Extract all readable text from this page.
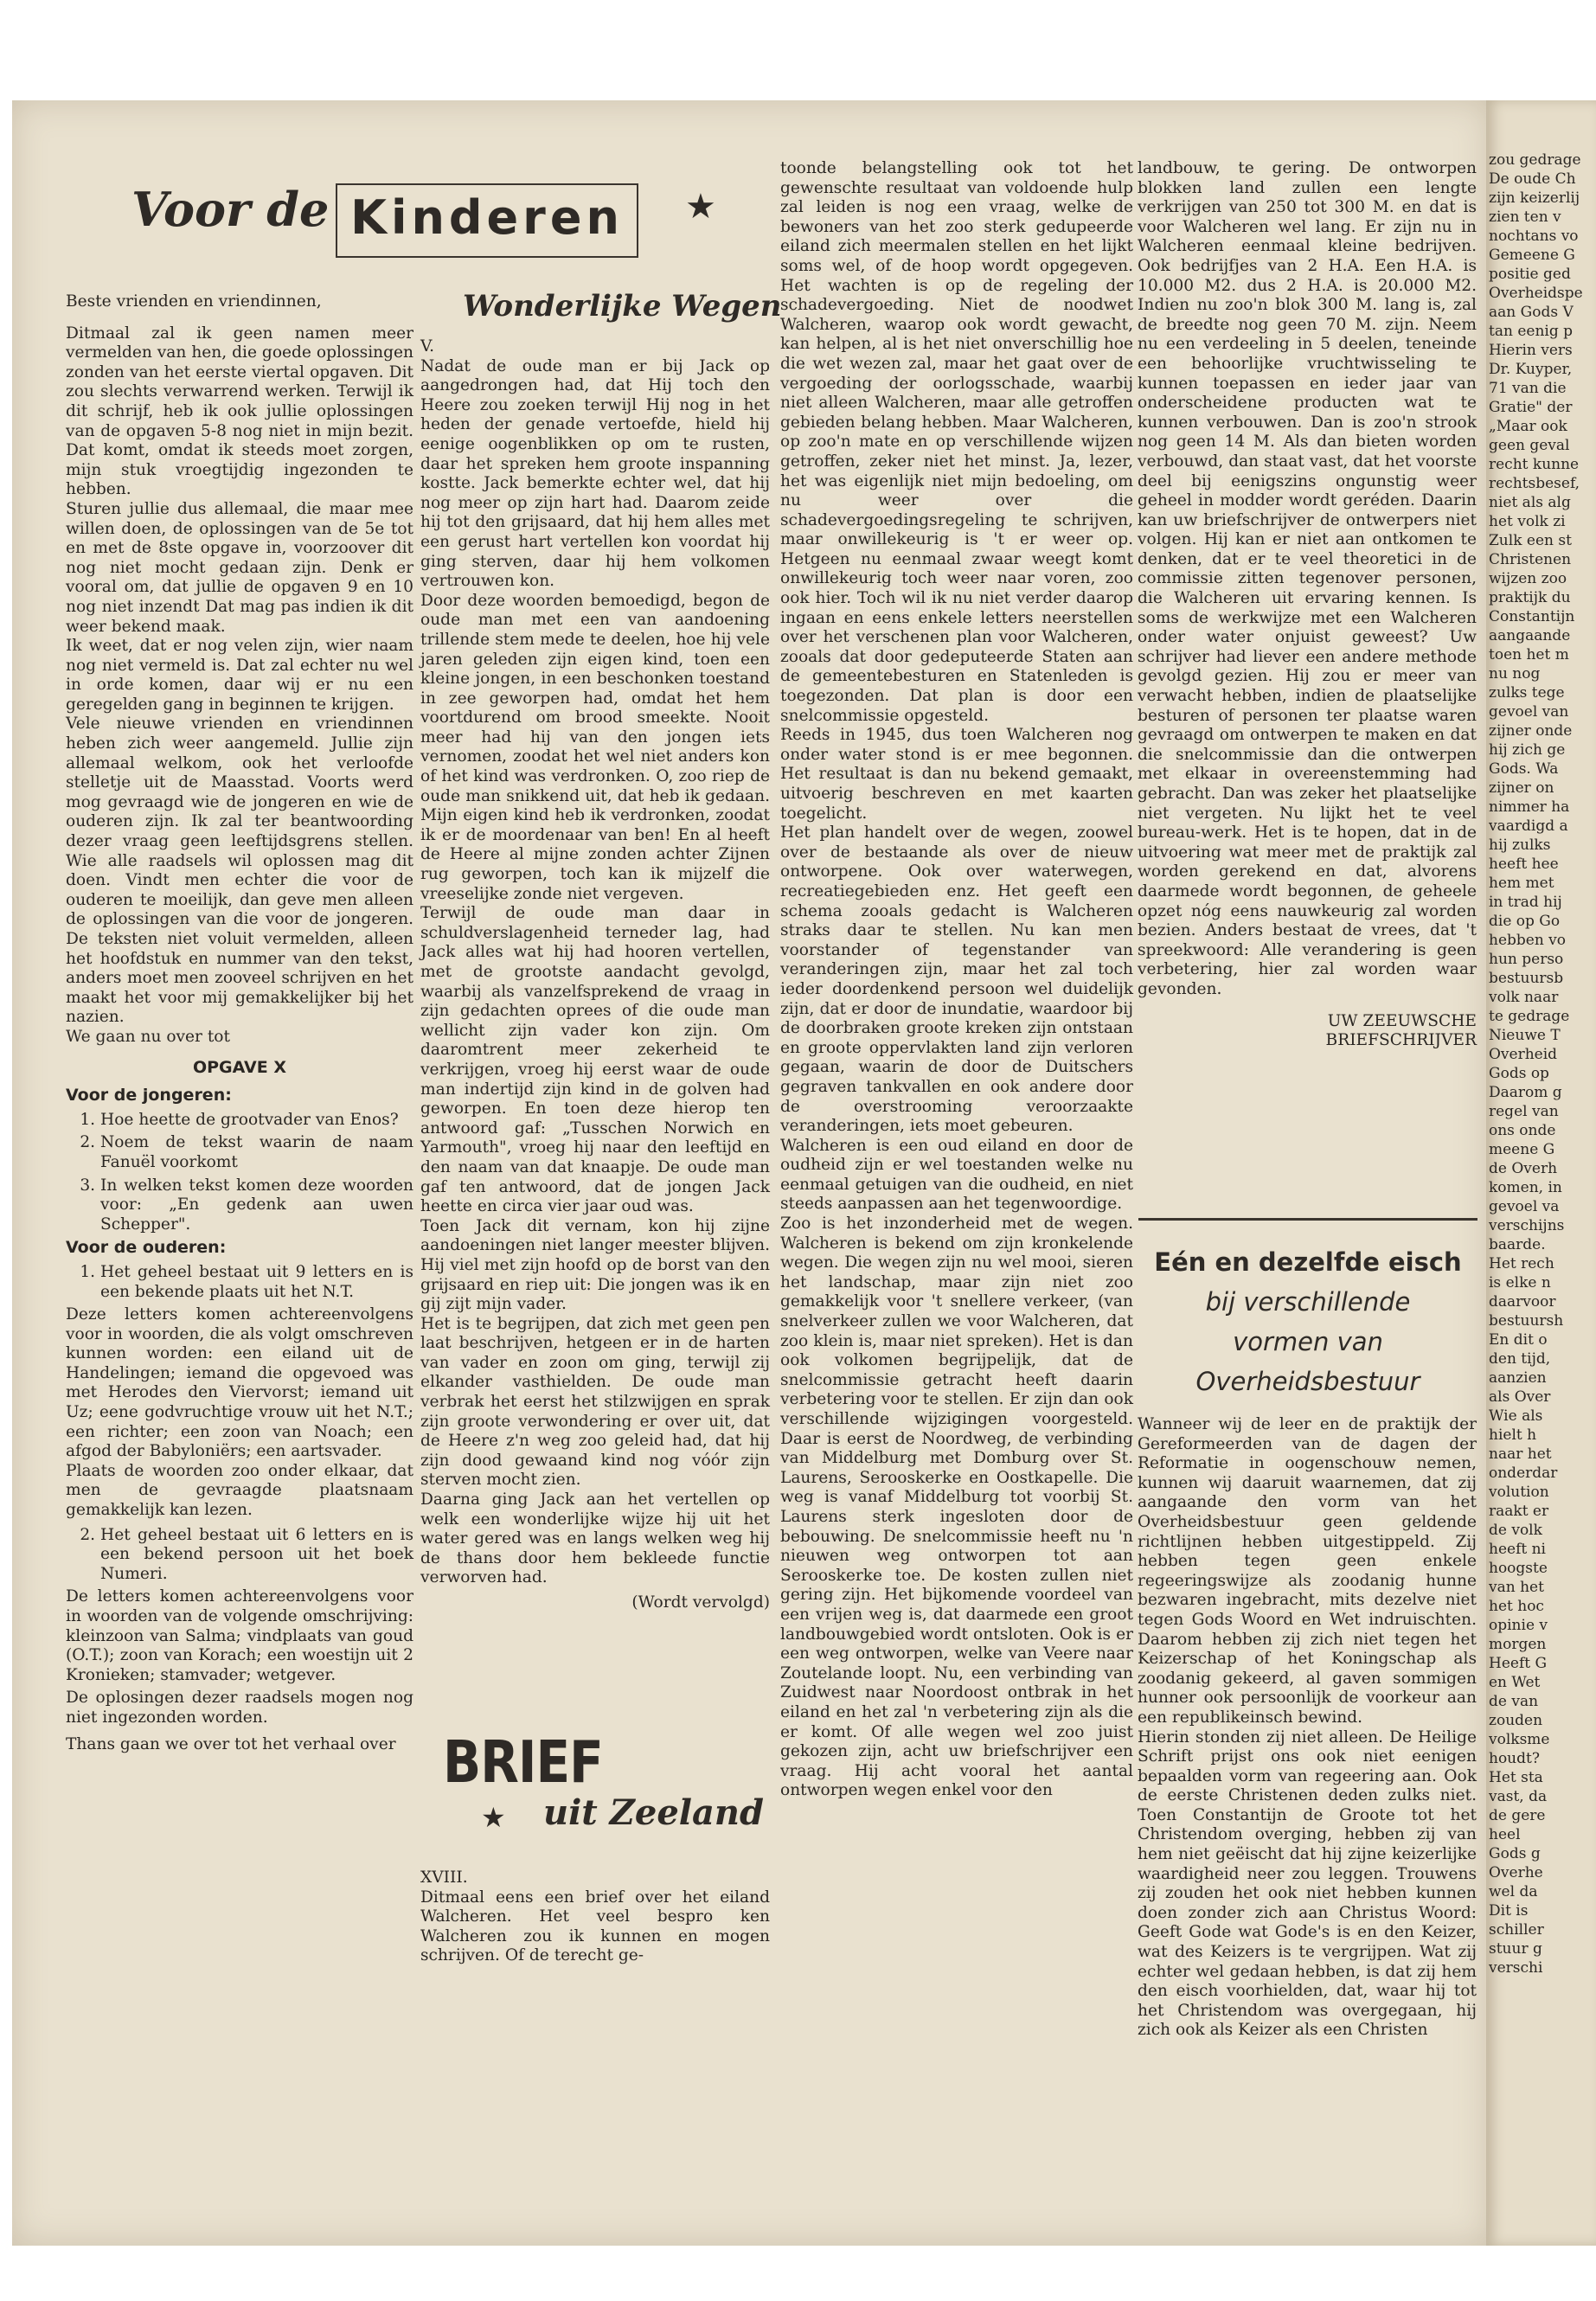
Voor de Kinderen	★

Beste vrienden en vriendinnen,

Ditmaal zal ik geen namen meer vermelden van hen, die goede oplossingen zonden van het eerste viertal opgaven. Dit zou slechts verwarrend werken. Terwijl ik dit schrijf, heb ik ook jullie oplossingen van de opgaven 5-8 nog niet in mijn bezit. Dat komt, omdat ik steeds moet zorgen, mijn stuk vroegtijdig ingezonden te hebben.

Sturen jullie dus allemaal, die maar mee willen doen, de oplossingen van de 5e tot en met de 8ste opgave in, voorzoover dit nog niet mocht gedaan zijn. Denk er vooral om, dat jullie de opgaven 9 en 10 nog niet inzendt Dat mag pas indien ik dit weer bekend maak.

Ik weet, dat er nog velen zijn, wier naam nog niet vermeld is. Dat zal echter nu wel in orde komen, daar wij er nu een geregelden gang in beginnen te krijgen.

Vele nieuwe vrienden en vriendinnen heben zich weer aangemeld. Jullie zijn allemaal welkom, ook het verloofde stelletje uit de Maasstad. Voorts werd mog gevraagd wie de jongeren en wie de ouderen zijn. Ik zal ter beantwoording dezer vraag geen leeftijdsgrens stellen. Wie alle raadsels wil oplossen mag dit doen. Vindt men echter die voor de ouderen te moeilijk, dan geve men alleen de oplossingen van die voor de jongeren. De teksten niet voluit vermelden, alleen het hoofdstuk en nummer van den tekst, anders moet men zooveel schrijven en het maakt het voor mij gemakkelijker bij het nazien.

We gaan nu over tot

OPGAVE X

Voor de jongeren:

1. Hoe heette de grootvader van Enos?
2. Noem de tekst waarin de naam Fanuël voorkomt
3. In welken tekst komen deze woorden voor: „En gedenk aan uwen Schepper".

Voor de ouderen:

1. Het geheel bestaat uit 9 letters en is een bekende plaats uit het N.T.

Deze letters komen achtereenvolgens voor in woorden, die als volgt omschreven kunnen worden: een eiland uit de Handelingen; iemand die opgevoed was met Herodes den Viervorst; iemand uit Uz; eene godvruchtige vrouw uit het N.T.; een richter; een zoon van Noach; een afgod der Babyloniërs; een aartsvader.

Plaats de woorden zoo onder elkaar, dat men de gevraagde plaatsnaam gemakkelijk kan lezen.

2. Het geheel bestaat uit 6 letters en is een bekend persoon uit het boek Numeri.

De letters komen achtereenvolgens voor in woorden van de volgende omschrijving: kleinzoon van Salma; vindplaats van goud (O.T.); zoon van Korach; een woestijn uit 2 Kronieken; stamvader; wetgever.

De oplosingen dezer raadsels mogen nog niet ingezonden worden.

Thans gaan we over tot het verhaal over

Wonderlijke Wegen

V.

Nadat de oude man er bij Jack op aangedrongen had, dat Hij toch den Heere zou zoeken terwijl Hij nog in het heden der genade vertoefde, hield hij eenige oogenblikken op om te rusten, daar het spreken hem groote inspanning kostte. Jack bemerkte echter wel, dat hij nog meer op zijn hart had. Daarom zeide hij tot den grijsaard, dat hij hem alles met een gerust hart vertellen kon voordat hij ging sterven, daar hij hem volkomen vertrouwen kon.

Door deze woorden bemoedigd, begon de oude man met een van aandoening trillende stem mede te deelen, hoe hij vele jaren geleden zijn eigen kind, toen een kleine jongen, in een beschonken toestand in zee geworpen had, omdat het hem voortdurend om brood smeekte. Nooit meer had hij van den jongen iets vernomen, zoodat het wel niet anders kon of het kind was verdronken. O, zoo riep de oude man snikkend uit, dat heb ik gedaan. Mijn eigen kind heb ik verdronken, zoodat ik er de moordenaar van ben! En al heeft de Heere al mijne zonden achter Zijnen rug geworpen, toch kan ik mijzelf die vreeselijke zonde niet vergeven.

Terwijl de oude man daar in schuldverslagenheid terneder lag, had Jack alles wat hij had hooren vertellen, met de grootste aandacht gevolgd, waarbij als vanzelfsprekend de vraag in zijn gedachten oprees of die oude man wellicht zijn vader kon zijn. Om daaromtrent meer zekerheid te verkrijgen, vroeg hij eerst waar de oude man indertijd zijn kind in de golven had geworpen. En toen deze hierop ten antwoord gaf: „Tusschen Norwich en Yarmouth", vroeg hij naar den leeftijd en den naam van dat knaapje. De oude man gaf ten antwoord, dat de jongen Jack heette en circa vier jaar oud was.

Toen Jack dit vernam, kon hij zijne aandoeningen niet langer meester blijven. Hij viel met zijn hoofd op de borst van den grijsaard en riep uit: Die jongen was ik en gij zijt mijn vader.

Het is te begrijpen, dat zich met geen pen laat beschrijven, hetgeen er in de harten van vader en zoon om ging, terwijl zij elkander vasthielden. De oude man verbrak het eerst het stilzwijgen en sprak zijn groote verwondering er over uit, dat de Heere z'n weg zoo geleid had, dat hij zijn dood gewaand kind nog vóór zijn sterven mocht zien.

Daarna ging Jack aan het vertellen op welk een wonderlijke wijze hij uit het water gered was en langs welken weg hij de thans door hem bekleede functie verworven had.

(Wordt vervolgd)

BRIEF
★ uit Zeeland

XVIII.

Ditmaal eens een brief over het eiland Walcheren. Het veel bespro ken Walcheren zou ik kunnen en mogen schrijven. Of de terecht ge-

toonde belangstelling ook tot het gewenschte resultaat van voldoende hulp zal leiden is nog een vraag, welke de bewoners van het zoo sterk gedupeerde eiland zich meermalen stellen en het lijkt soms wel, of de hoop wordt opgegeven. Het wachten is op de regeling der schadevergoeding. Niet de noodwet Walcheren, waarop ook wordt gewacht, kan helpen, al is het niet onverschillig hoe die wet wezen zal, maar het gaat over de vergoeding der oorlogsschade, waarbij niet alleen Walcheren, maar alle getroffen gebieden belang hebben. Maar Walcheren, op zoo'n mate en op verschillende wijzen getroffen, zeker niet het minst. Ja, lezer, het was eigenlijk niet mijn bedoeling, om nu weer over die schadevergoedingsregeling te schrijven, maar onwillekeurig is 't er weer op. Hetgeen nu eenmaal zwaar weegt komt onwillekeurig toch weer naar voren, zoo ook hier. Toch wil ik nu niet verder daarop ingaan en eens enkele letters neerstellen over het verschenen plan voor Walcheren, zooals dat door gedeputeerde Staten aan de gemeentebesturen en Statenleden is toegezonden. Dat plan is door een snelcommissie opgesteld.

Reeds in 1945, dus toen Walcheren nog onder water stond is er mee begonnen. Het resultaat is dan nu bekend gemaakt, uitvoerig beschreven en met kaarten toegelicht.

Het plan handelt over de wegen, zoowel over de bestaande als over de nieuw ontworpene. Ook over waterwegen, recreatiegebieden enz. Het geeft een schema zooals gedacht is Walcheren straks daar te stellen. Nu kan men voorstander of tegenstander van veranderingen zijn, maar het zal toch ieder doordenkend persoon wel duidelijk zijn, dat er door de inundatie, waardoor bij de doorbraken groote kreken zijn ontstaan en groote oppervlakten land zijn verloren gegaan, waarin de door de Duitschers gegraven tankvallen en ook andere door de overstrooming veroorzaakte veranderingen, iets moet gebeuren.

Walcheren is een oud eiland en door de oudheid zijn er wel toestanden welke nu eenmaal getuigen van die oudheid, en niet steeds aanpassen aan het tegenwoordige.

Zoo is het inzonderheid met de wegen. Walcheren is bekend om zijn kronkelende wegen. Die wegen zijn nu wel mooi, sieren het landschap, maar zijn niet zoo gemakkelijk voor 't snellere verkeer, (van snelverkeer zullen we voor Walcheren, dat zoo klein is, maar niet spreken). Het is dan ook volkomen begrijpelijk, dat de snelcommissie getracht heeft daarin verbetering voor te stellen. Er zijn dan ook verschillende wijzigingen voorgesteld. Daar is eerst de Noordweg, de verbinding van Middelburg met Domburg over St. Laurens, Serooskerke en Oostkapelle. Die weg is vanaf Middelburg tot voorbij St. Laurens sterk ingesloten door de bebouwing. De snelcommissie heeft nu 'n nieuwen weg ontworpen tot aan Serooskerke toe. De kosten zullen niet gering zijn. Het bijkomende voordeel van een vrijen weg is, dat daarmede een groot landbouwgebied wordt ontsloten. Ook is er een weg ontworpen, welke van Veere naar Zoutelande loopt. Nu, een verbinding van Zuidwest naar Noordoost ontbrak in het eiland en het zal 'n verbetering zijn als die er komt. Of alle wegen wel zoo juist gekozen zijn, acht uw briefschrijver een vraag. Hij acht vooral het aantal ontworpen wegen enkel voor den

landbouw, te gering. De ontworpen blokken land zullen een lengte verkrijgen van 250 tot 300 M. en dat is voor Walcheren wel lang. Er zijn nu in Walcheren eenmaal kleine bedrijven. Ook bedrijfjes van 2 H.A. Een H.A. is 10.000 M2. dus 2 H.A. is 20.000 M2. Indien nu zoo'n blok 300 M. lang is, zal de breedte nog geen 70 M. zijn. Neem nu een verdeeling in 5 deelen, teneinde een behoorlijke vruchtwisseling te kunnen toepassen en ieder jaar van onderscheidene producten wat te kunnen verbouwen. Dan is zoo'n strook nog geen 14 M. Als dan bieten worden verbouwd, dan staat vast, dat het voorste deel bij eenigszins ongunstig weer geheel in modder wordt geréden. Daarin kan uw briefschrijver de ontwerpers niet volgen. Hij kan er niet aan ontkomen te denken, dat er te veel theoretici in de commissie zitten tegenover personen, die Walcheren uit ervaring kennen. Is soms de werkwijze met een Walcheren onder water onjuist geweest? Uw schrijver had liever een andere methode gevolgd gezien. Hij zou er meer van verwacht hebben, indien de plaatselijke besturen of personen ter plaatse waren gevraagd om ontwerpen te maken en dat die snelcommissie dan die ontwerpen met elkaar in overeenstemming had gebracht. Dan was zeker het plaatselijke niet vergeten. Nu lijkt het te veel bureau-werk. Het is te hopen, dat in de uitvoering wat meer met de praktijk zal worden gerekend en dat, alvorens daarmede wordt begonnen, de geheele opzet nóg eens nauwkeurig zal worden bezien. Anders bestaat de vrees, dat 't spreekwoord: Alle verandering is geen verbetering, hier zal worden waar gevonden.

UW ZEEUWSCHE

BRIEFSCHRIJVER

Eén en dezelfde eisch
bij verschillende
vormen van
Overheidsbestuur

Wanneer wij de leer en de praktijk der Gereformeerden van de dagen der Reformatie in oogenschouw nemen, kunnen wij daaruit waarnemen, dat zij aangaande den vorm van het Overheidsbestuur geen geldende richtlijnen hebben uitgestippeld. Zij hebben tegen geen enkele regeeringswijze als zoodanig hunne bezwaren ingebracht, mits dezelve niet tegen Gods Woord en Wet indruischten. Daarom hebben zij zich niet tegen het Keizerschap of het Koningschap als zoodanig gekeerd, al gaven sommigen hunner ook persoonlijk de voorkeur aan een republikeinsch bewind.

Hierin stonden zij niet alleen. De Heilige Schrift prijst ons ook niet eenigen bepaalden vorm van regeering aan. Ook de eerste Christenen deden zulks niet. Toen Constantijn de Groote tot het Christendom overging, hebben zij van hem niet geëischt dat hij zijne keizerlijke waardigheid neer zou leggen. Trouwens zij zouden het ook niet hebben kunnen doen zonder zich aan Christus Woord: Geeft Gode wat Gode's is en den Keizer, wat des Keizers is te vergrijpen. Wat zij echter wel gedaan hebben, is dat zij hem den eisch voorhielden, dat, waar hij tot het Christendom was overgegaan, hij zich ook als Keizer als een Christen

zou gedrage
De oude Ch
zijn keizerlij
zien ten v
nochtans vo
Gemeene G
positie ged
Overheidspe
aan Gods V
tan eenig p
Hierin vers
Dr. Kuyper,
71 van die
Gratie" der
„Maar ook
geen geval
recht kunne
rechtsbesef,
niet als alg
het volk zi
Zulk een st
Christenen
wijzen zoo
praktijk du
Constantijn
aangaande
toen het m
nu nog
zulks tege
gevoel van
zijner onde
hij zich ge
Gods. Wa
zijner on
nimmer ha
vaardigd a
hij zulks
heeft hee
hem met
in trad hij
die op Go
hebben vo
hun perso
bestuursb
volk naar
te gedrage
Nieuwe T
Overheid
Gods op
Daarom g
regel van
ons onde
meene G
de Overh
komen, in
gevoel va
verschijns
baarde.
Het rech
is elke n
daarvoor
bestuursh
En dit o
den tijd,
aanzien
als Over
Wie als
hielt h
naar het
onderdar
volution
raakt er
de volk
heeft ni
hoogste
van het
het hoc
opinie v
morgen
Heeft G
en Wet
de van
zouden
volksme
houdt?
Het sta
vast, da
de gere
heel
Gods g
Overhe
wel da
Dit is
schiller
stuur g
verschi
